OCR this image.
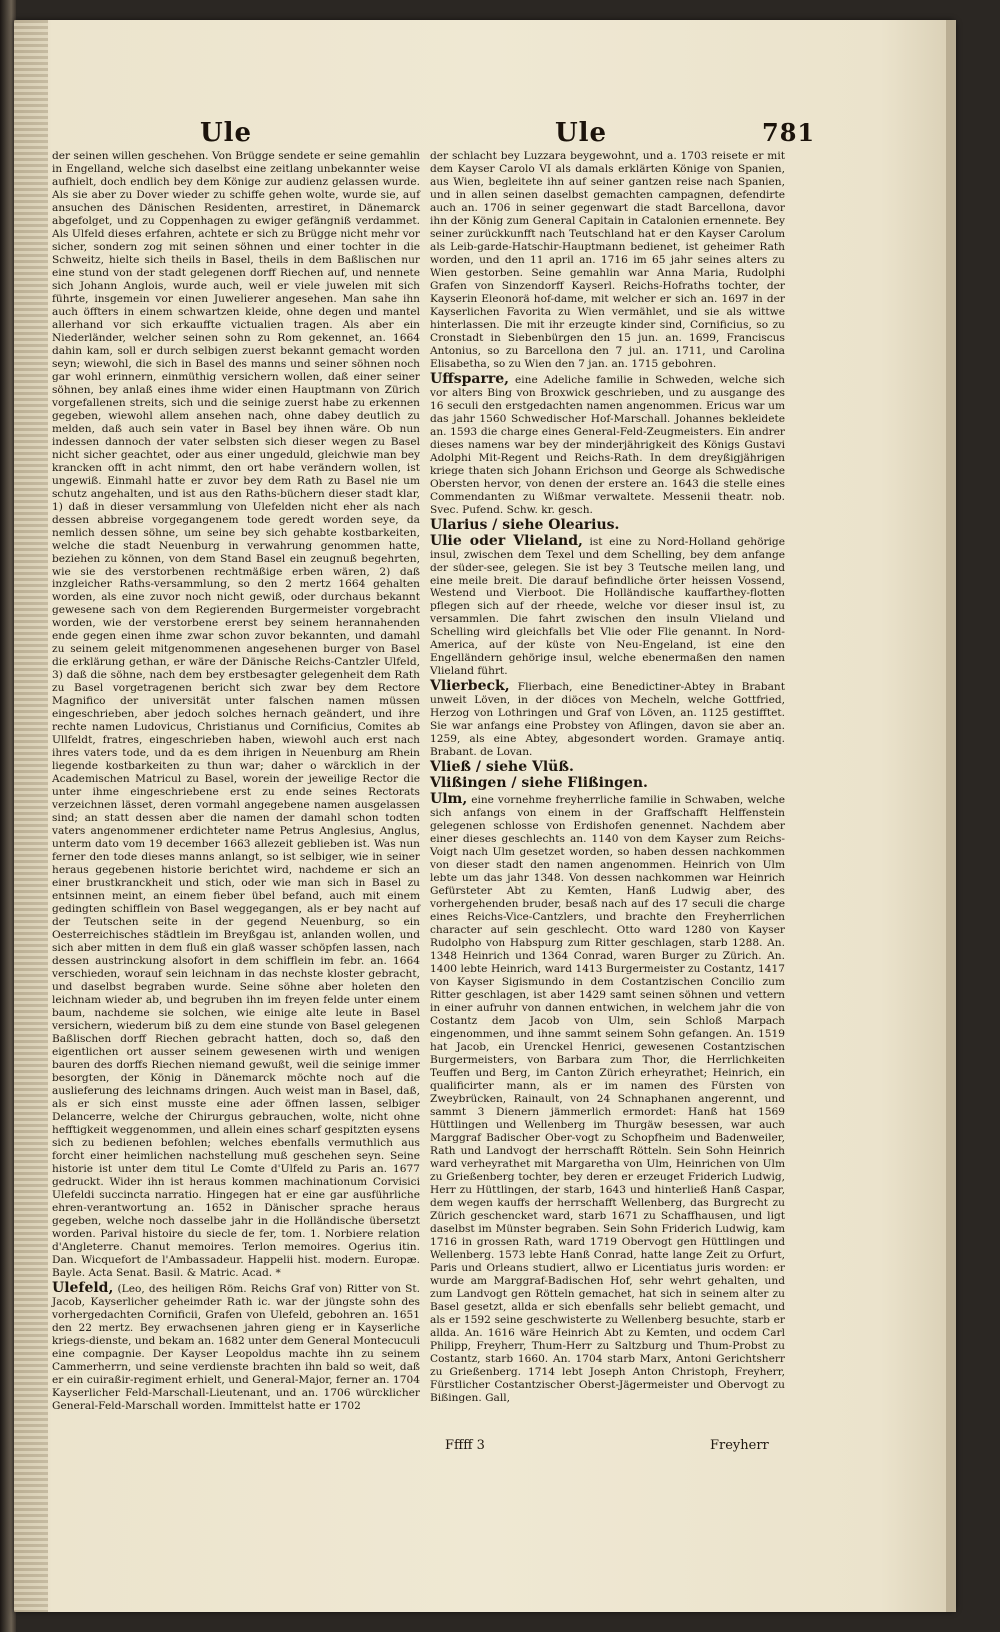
Ule	Ule	781

der seinen willen geschehen. Von Brügge sendete er seine gemahlin in Engelland, welche sich daselbst eine zeitlang unbekannter weise aufhielt, doch endlich bey dem Könige zur audienz gelassen wurde. Als sie aber zu Dover wieder zu schiffe gehen wolte, wurde sie, auf ansuchen des Dänischen Residenten, arrestiret, in Dänemarck abgefolget, und zu Coppenhagen zu ewiger gefängniß verdammet. Als Ulfeld dieses erfahren, achtete er sich zu Brügge nicht mehr vor sicher, sondern zog mit seinen söhnen und einer tochter in die Schweitz, hielte sich theils in Basel, theils in dem Baßlischen nur eine stund von der stadt gelegenen dorff Riechen auf, und nennete sich Johann Anglois, wurde auch, weil er viele juwelen mit sich führte, insgemein vor einen Juwelierer angesehen. Man sahe ihn auch öffters in einem schwartzen kleide, ohne degen und mantel allerhand vor sich erkauffte victualien tragen. Als aber ein Niederländer, welcher seinen sohn zu Rom gekennet, an. 1664 dahin kam, soll er durch selbigen zuerst bekannt gemacht worden seyn; wiewohl, die sich in Basel des manns und seiner söhnen noch gar wohl erinnern, einmüthig versichern wollen, daß einer seiner söhnen, bey anlaß eines ihme wider einen Hauptmann von Zürich vorgefallenen streits, sich und die seinige zuerst habe zu erkennen gegeben, wiewohl allem ansehen nach, ohne dabey deutlich zu melden, daß auch sein vater in Basel bey ihnen wäre. Ob nun indessen dannoch der vater selbsten sich dieser wegen zu Basel nicht sicher geachtet, oder aus einer ungeduld, gleichwie man bey krancken offt in acht nimmt, den ort habe verändern wollen, ist ungewiß. Einmahl hatte er zuvor bey dem Rath zu Basel nie um schutz angehalten, und ist aus den Raths-büchern dieser stadt klar, 1) daß in dieser versammlung von Ulefelden nicht eher als nach dessen abbreise vorgegangenem tode geredt worden seye, da nemlich dessen söhne, um seine bey sich gehabte kostbarkeiten, welche die stadt Neuenburg in verwahrung genommen hatte, beziehen zu können, von dem Stand Basel ein zeugnuß begehrten, wie sie des verstorbenen rechtmäßige erben wären, 2) daß inzgleicher Raths-versammlung, so den 2 mertz 1664 gehalten worden, als eine zuvor noch nicht gewiß, oder durchaus bekannt gewesene sach von dem Regierenden Burgermeister vorgebracht worden, wie der verstorbene ererst bey seinem herannahenden ende gegen einen ihme zwar schon zuvor bekannten, und damahl zu seinem geleit mitgenommenen angesehenen burger von Basel die erklärung gethan, er wäre der Dänische Reichs-Cantzler Ulfeld, 3) daß die söhne, nach dem bey erstbesagter gelegenheit dem Rath zu Basel vorgetragenen bericht sich zwar bey dem Rectore Magnifico der universität unter falschen namen müssen eingeschrieben, aber jedoch solches hernach geändert, und ihre rechte namen Ludovicus, Christianus und Cornificius, Comites ab Ullfeldt, fratres, eingeschrieben haben, wiewohl auch erst nach ihres vaters tode, und da es dem ihrigen in Neuenburg am Rhein liegende kostbarkeiten zu thun war; daher o wärcklich in der Academischen Matricul zu Basel, worein der jeweilige Rector die unter ihme eingeschriebene erst zu ende seines Rectorats verzeichnen lässet, deren vormahl angegebene namen ausgelassen sind; an statt dessen aber die namen der damahl schon todten vaters angenommener erdichteter name Petrus Anglesius, Anglus, unterm dato vom 19 december 1663 allezeit geblieben ist. Was nun ferner den tode dieses manns anlangt, so ist selbiger, wie in seiner heraus gegebenen historie berichtet wird, nachdeme er sich an einer brustkranckheit und stich, oder wie man sich in Basel zu entsinnen meint, an einem fieber übel befand, auch mit einem gedingten schifflein von Basel weggegangen, als er bey nacht auf der Teutschen seite in der gegend Neuenburg, so ein Oesterreichisches städtlein im Breyßgau ist, anlanden wollen, und sich aber mitten in dem fluß ein glaß wasser schöpfen lassen, nach dessen austrinckung alsofort in dem schifflein im febr. an. 1664 verschieden, worauf sein leichnam in das nechste kloster gebracht, und daselbst begraben wurde. Seine söhne aber holeten den leichnam wieder ab, und begruben ihn im freyen felde unter einem baum, nachdeme sie solchen, wie einige alte leute in Basel versichern, wiederum biß zu dem eine stunde von Basel gelegenen Baßlischen dorff Riechen gebracht hatten, doch so, daß den eigentlichen ort ausser seinem gewesenen wirth und wenigen bauren des dorffs Riechen niemand gewußt, weil die seinige immer besorgten, der König in Dänemarck möchte noch auf die auslieferung des leichnams dringen. Auch weist man in Basel, daß, als er sich einst musste eine ader öffnen lassen, selbiger Delancerre, welche der Chirurgus gebrauchen, wolte, nicht ohne hefftigkeit weggenommen, und allein eines scharf gespitzten eysens sich zu bedienen befohlen; welches ebenfalls vermuthlich aus forcht einer heimlichen nachstellung muß geschehen seyn. Seine historie ist unter dem titul Le Comte d'Ulfeld zu Paris an. 1677 gedruckt. Wider ihn ist heraus kommen machinationum Corvisici Ulefeldi succincta narratio. Hingegen hat er eine gar ausführliche ehren-verantwortung an. 1652 in Dänischer sprache heraus gegeben, welche noch dasselbe jahr in die Holländische übersetzt worden. Parival histoire du siecle de fer, tom. 1. Norbiere relation d'Angleterre. Chanut memoires. Terlon memoires. Ogerius itin. Dan. Wicquefort de l'Ambassadeur. Happelii hist. modern. Europæ. Bayle. Acta Senat. Basil. & Matric. Acad. *

Ulefeld, (Leo, des heiligen Röm. Reichs Graf von) Ritter von St. Jacob, Kayserlicher geheimder Rath ic. war der jüngste sohn des vorhergedachten Cornificii, Grafen von Ulefeld, gebohren an. 1651 den 22 mertz. Bey erwachsenen jahren gieng er in Kayserliche kriegs-dienste, und bekam an. 1682 unter dem General Montecuculi eine compagnie. Der Kayser Leopoldus machte ihn zu seinem Cammerherrn, und seine verdienste brachten ihn bald so weit, daß er ein cuiraßir-regiment erhielt, und General-Major, ferner an. 1704 Kayserlicher Feld-Marschall-Lieutenant, und an. 1706 würcklicher General-Feld-Marschall worden. Immittelst hatte er 1702

der schlacht bey Luzzara beygewohnt, und a. 1703 reisete er mit dem Kayser Carolo VI als damals erklärten Könige von Spanien, aus Wien, begleitete ihn auf seiner gantzen reise nach Spanien, und in allen seinen daselbst gemachten campagnen, defendirte auch an. 1706 in seiner gegenwart die stadt Barcellona, davor ihn der König zum General Capitain in Catalonien ernennete. Bey seiner zurückkunfft nach Teutschland hat er den Kayser Carolum als Leib-garde-Hatschir-Hauptmann bedienet, ist geheimer Rath worden, und den 11 april an. 1716 im 65 jahr seines alters zu Wien gestorben. Seine gemahlin war Anna Maria, Rudolphi Grafen von Sinzendorff Kayserl. Reichs-Hofraths tochter, der Kayserin Eleonorä hof-dame, mit welcher er sich an. 1697 in der Kayserlichen Favorita zu Wien vermählet, und sie als wittwe hinterlassen. Die mit ihr erzeugte kinder sind, Cornificius, so zu Cronstadt in Siebenbürgen den 15 jun. an. 1699, Franciscus Antonius, so zu Barcellona den 7 jul. an. 1711, und Carolina Elisabetha, so zu Wien den 7 jan. an. 1715 gebohren.

Uffsparre, eine Adeliche familie in Schweden, welche sich vor alters Bing von Broxwick geschrieben, und zu ausgange des 16 seculi den erstgedachten namen angenommen. Ericus war um das jahr 1560 Schwedischer Hof-Marschall. Johannes bekleidete an. 1593 die charge eines General-Feld-Zeugmeisters. Ein andrer dieses namens war bey der minderjährigkeit des Königs Gustavi Adolphi Mit-Regent und Reichs-Rath. In dem dreyßigjährigen kriege thaten sich Johann Erichson und George als Schwedische Obersten hervor, von denen der erstere an. 1643 die stelle eines Commendanten zu Wißmar verwaltete. Messenii theatr. nob. Svec. Pufend. Schw. kr. gesch.

Ularius / siehe Olearius.

Ulie oder Vlieland, ist eine zu Nord-Holland gehörige insul, zwischen dem Texel und dem Schelling, bey dem anfange der süder-see, gelegen. Sie ist bey 3 Teutsche meilen lang, und eine meile breit. Die darauf befindliche örter heissen Vossend, Westend und Vierboot. Die Holländische kauffarthey-flotten pflegen sich auf der rheede, welche vor dieser insul ist, zu versammlen. Die fahrt zwischen den insuln Vlieland und Schelling wird gleichfalls bet Vlie oder Flie genannt. In Nord-America, auf der küste von Neu-Engeland, ist eine den Engelländern gehörige insul, welche ebenermaßen den namen Vlieland führt.

Vlierbeck, Flierbach, eine Benedictiner-Abtey in Brabant unweit Löven, in der diöces von Mecheln, welche Gottfried, Herzog von Lothringen und Graf von Löven, an. 1125 gestifftet. Sie war anfangs eine Probstey von Aflingen, davon sie aber an. 1259, als eine Abtey, abgesondert worden. Gramaye antiq. Brabant. de Lovan.

Vließ / siehe Vlüß.

Vlißingen / siehe Flißingen.

Ulm, eine vornehme freyherrliche familie in Schwaben, welche sich anfangs von einem in der Graffschafft Helffenstein gelegenen schlosse von Erdishofen genennet. Nachdem aber einer dieses geschlechts an. 1140 von dem Kayser zum Reichs-Voigt nach Ulm gesetzet worden, so haben dessen nachkommen von dieser stadt den namen angenommen. Heinrich von Ulm lebte um das jahr 1348. Von dessen nachkommen war Heinrich Gefürsteter Abt zu Kemten, Hanß Ludwig aber, des vorhergehenden bruder, besaß nach auf des 17 seculi die charge eines Reichs-Vice-Cantzlers, und brachte den Freyherrlichen character auf sein geschlecht. Otto ward 1280 von Kayser Rudolpho von Habspurg zum Ritter geschlagen, starb 1288. An. 1348 Heinrich und 1364 Conrad, waren Burger zu Zürich. An. 1400 lebte Heinrich, ward 1413 Burgermeister zu Costantz, 1417 von Kayser Sigismundo in dem Costantzischen Concilio zum Ritter geschlagen, ist aber 1429 samt seinen söhnen und vettern in einer aufruhr von dannen entwichen, in welchem jahr die von Costantz dem Jacob von Ulm, sein Schloß Marpach eingenommen, und ihne sammt seinem Sohn gefangen. An. 1519 hat Jacob, ein Urenckel Henrici, gewesenen Costantzischen Burgermeisters, von Barbara zum Thor, die Herrlichkeiten Teuffen und Berg, im Canton Zürich erheyrathet; Heinrich, ein qualificirter mann, als er im namen des Fürsten von Zweybrücken, Rainault, von 24 Schnaphanen angerennt, und sammt 3 Dienern jämmerlich ermordet: Hanß hat 1569 Hüttlingen und Wellenberg im Thurgäw besessen, war auch Marggraf Badischer Ober-vogt zu Schopfheim und Badenweiler, Rath und Landvogt der herrschafft Rötteln. Sein Sohn Heinrich ward verheyrathet mit Margaretha von Ulm, Heinrichen von Ulm zu Grießenberg tochter, bey deren er erzeuget Friderich Ludwig, Herr zu Hüttlingen, der starb, 1643 und hinterließ Hanß Caspar, dem wegen kauffs der herrschafft Wellenberg, das Burgrecht zu Zürich geschencket ward, starb 1671 zu Schaffhausen, und ligt daselbst im Münster begraben. Sein Sohn Friderich Ludwig, kam 1716 in grossen Rath, ward 1719 Obervogt gen Hüttlingen und Wellenberg. 1573 lebte Hanß Conrad, hatte lange Zeit zu Orfurt, Paris und Orleans studiert, allwo er Licentiatus juris worden: er wurde am Marggraf-Badischen Hof, sehr wehrt gehalten, und zum Landvogt gen Rötteln gemachet, hat sich in seinem alter zu Basel gesetzt, allda er sich ebenfalls sehr beliebt gemacht, und als er 1592 seine geschwisterte zu Wellenberg besuchte, starb er allda. An. 1616 wäre Heinrich Abt zu Kemten, und ocdem Carl Philipp, Freyherr, Thum-Herr zu Saltzburg und Thum-Probst zu Costantz, starb 1660. An. 1704 starb Marx, Antoni Gerichtsherr zu Grießenberg. 1714 lebt Joseph Anton Christoph, Freyherr, Fürstlicher Costantzischer Oberst-Jägermeister und Obervogt zu Bißingen. Gall,

Fffff 3	Freyherr
